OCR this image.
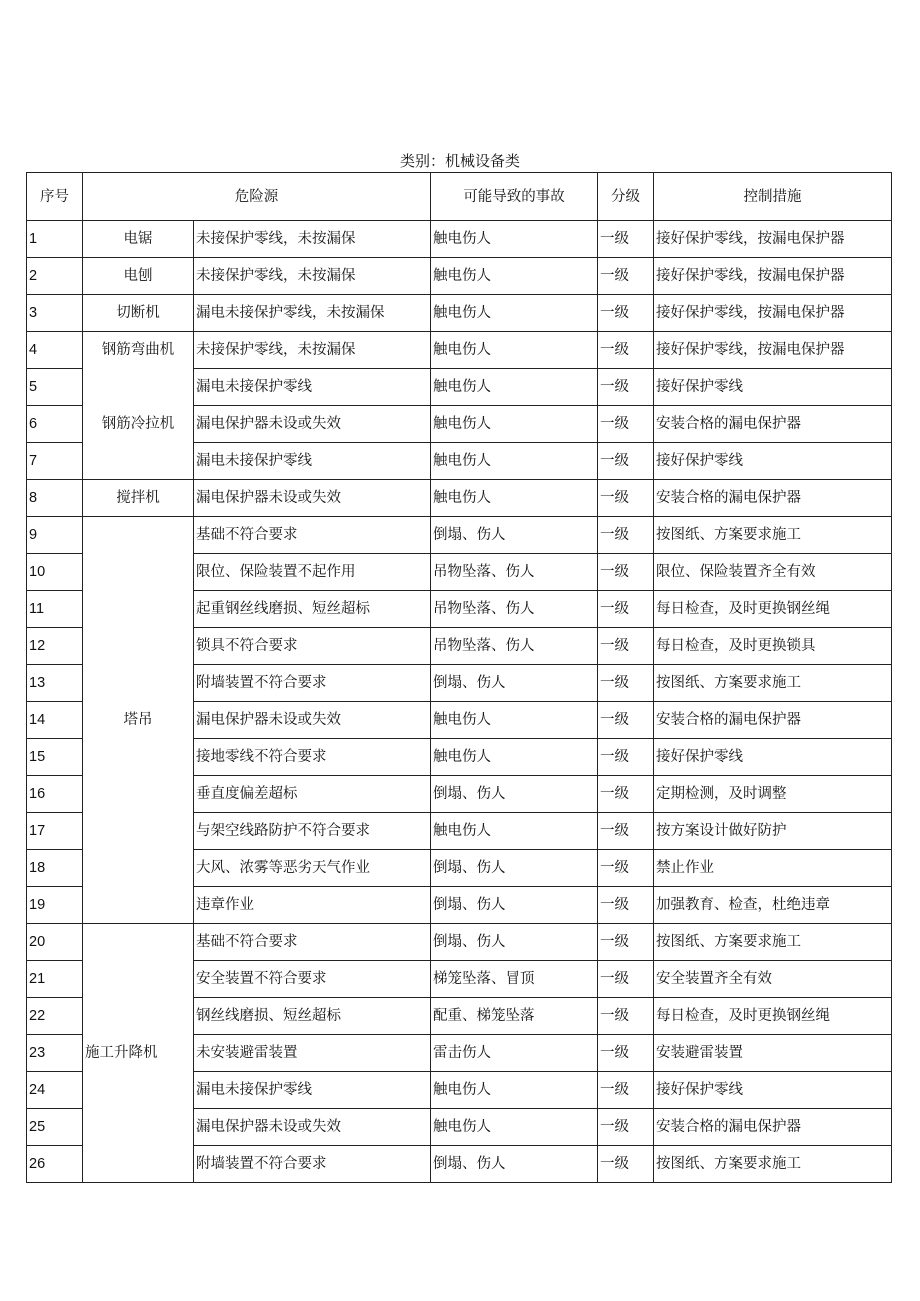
类别：机械设备类
序号	危险源		可能导致的事故	分级	控制措施
1	电锯	未接保护零线，未按漏保	触电伤人	一级	接好保护零线，按漏电保护器
2	电刨	未接保护零线，未按漏保	触电伤人	一级	接好保护零线，按漏电保护器
3	切断机	漏电未接保护零线，未按漏保	触电伤人	一级	接好保护零线，按漏电保护器
4	钢筋弯曲机	未接保护零线，未按漏保	触电伤人	一级	接好保护零线，按漏电保护器
5	钢筋冷拉机	漏电未接保护零线	触电伤人	一级	接好保护零线
6		漏电保护器未设或失效	触电伤人	一级	安装合格的漏电保护器
7		漏电未接保护零线	触电伤人	一级	接好保护零线
8	搅拌机	漏电保护器未设或失效	触电伤人	一级	安装合格的漏电保护器
9	塔吊	基础不符合要求	倒塌、伤人	一级	按图纸、方案要求施工
10		限位、保险装置不起作用	吊物坠落、伤人	一级	限位、保险装置齐全有效
11		起重钢丝线磨损、短丝超标	吊物坠落、伤人	一级	每日检查，及时更换钢丝绳
12		锁具不符合要求	吊物坠落、伤人	一级	每日检查，及时更换锁具
13		附墙装置不符合要求	倒塌、伤人	一级	按图纸、方案要求施工
14		漏电保护器未设或失效	触电伤人	一级	安装合格的漏电保护器
15		接地零线不符合要求	触电伤人	一级	接好保护零线
16		垂直度偏差超标	倒塌、伤人	一级	定期检测，及时调整
17		与架空线路防护不符合要求	触电伤人	一级	按方案设计做好防护
18		大风、浓雾等恶劣天气作业	倒塌、伤人	一级	禁止作业
19		违章作业	倒塌、伤人	一级	加强教育、检查，杜绝违章
20	施工升降机	基础不符合要求	倒塌、伤人	一级	按图纸、方案要求施工
21		安全装置不符合要求	梯笼坠落、冒顶	一级	安全装置齐全有效
22		钢丝线磨损、短丝超标	配重、梯笼坠落	一级	每日检查，及时更换钢丝绳
23		未安装避雷装置	雷击伤人	一级	安装避雷装置
24		漏电未接保护零线	触电伤人	一级	接好保护零线
25		漏电保护器未设或失效	触电伤人	一级	安装合格的漏电保护器
26		附墙装置不符合要求	倒塌、伤人	一级	按图纸、方案要求施工
